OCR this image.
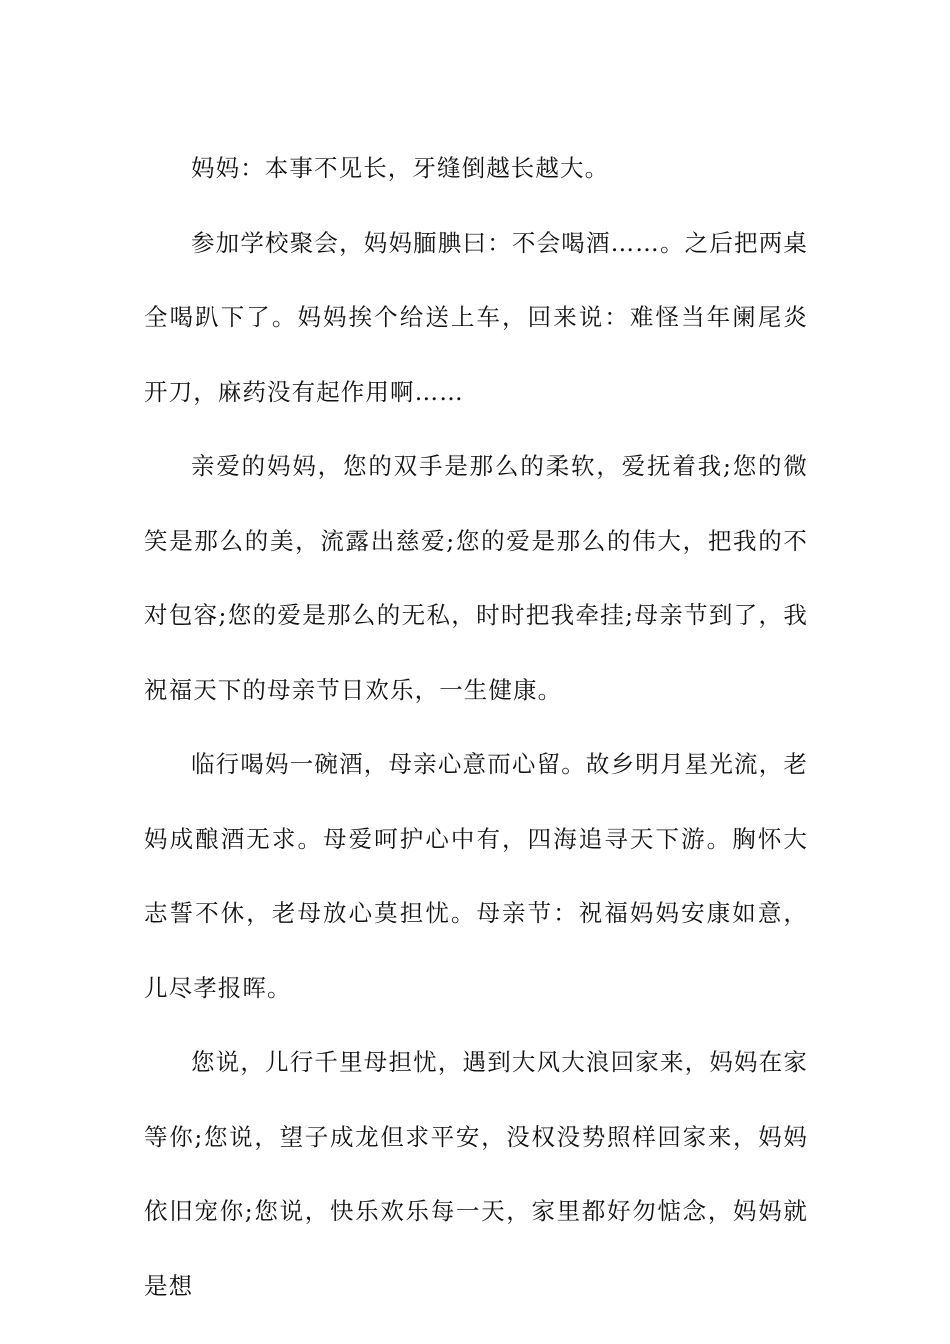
妈妈：本事不见长，牙缝倒越长越大。

参加学校聚会，妈妈腼腆曰：不会喝酒……。之后把两桌全喝趴下了。妈妈挨个给送上车，回来说：难怪当年阑尾炎开刀，麻药没有起作用啊……

亲爱的妈妈，您的双手是那么的柔软，爱抚着我;您的微笑是那么的美，流露出慈爱;您的爱是那么的伟大，把我的不对包容;您的爱是那么的无私，时时把我牵挂;母亲节到了，我祝福天下的母亲节日欢乐，一生健康。

临行喝妈一碗酒，母亲心意而心留。故乡明月星光流，老妈成酿酒无求。母爱呵护心中有，四海追寻天下游。胸怀大志誓不休，老母放心莫担忧。母亲节：祝福妈妈安康如意，儿尽孝报晖。

您说，儿行千里母担忧，遇到大风大浪回家来，妈妈在家等你;您说，望子成龙但求平安，没权没势照样回家来，妈妈依旧宠你;您说，快乐欢乐每一天，家里都好勿惦念，妈妈就是想
